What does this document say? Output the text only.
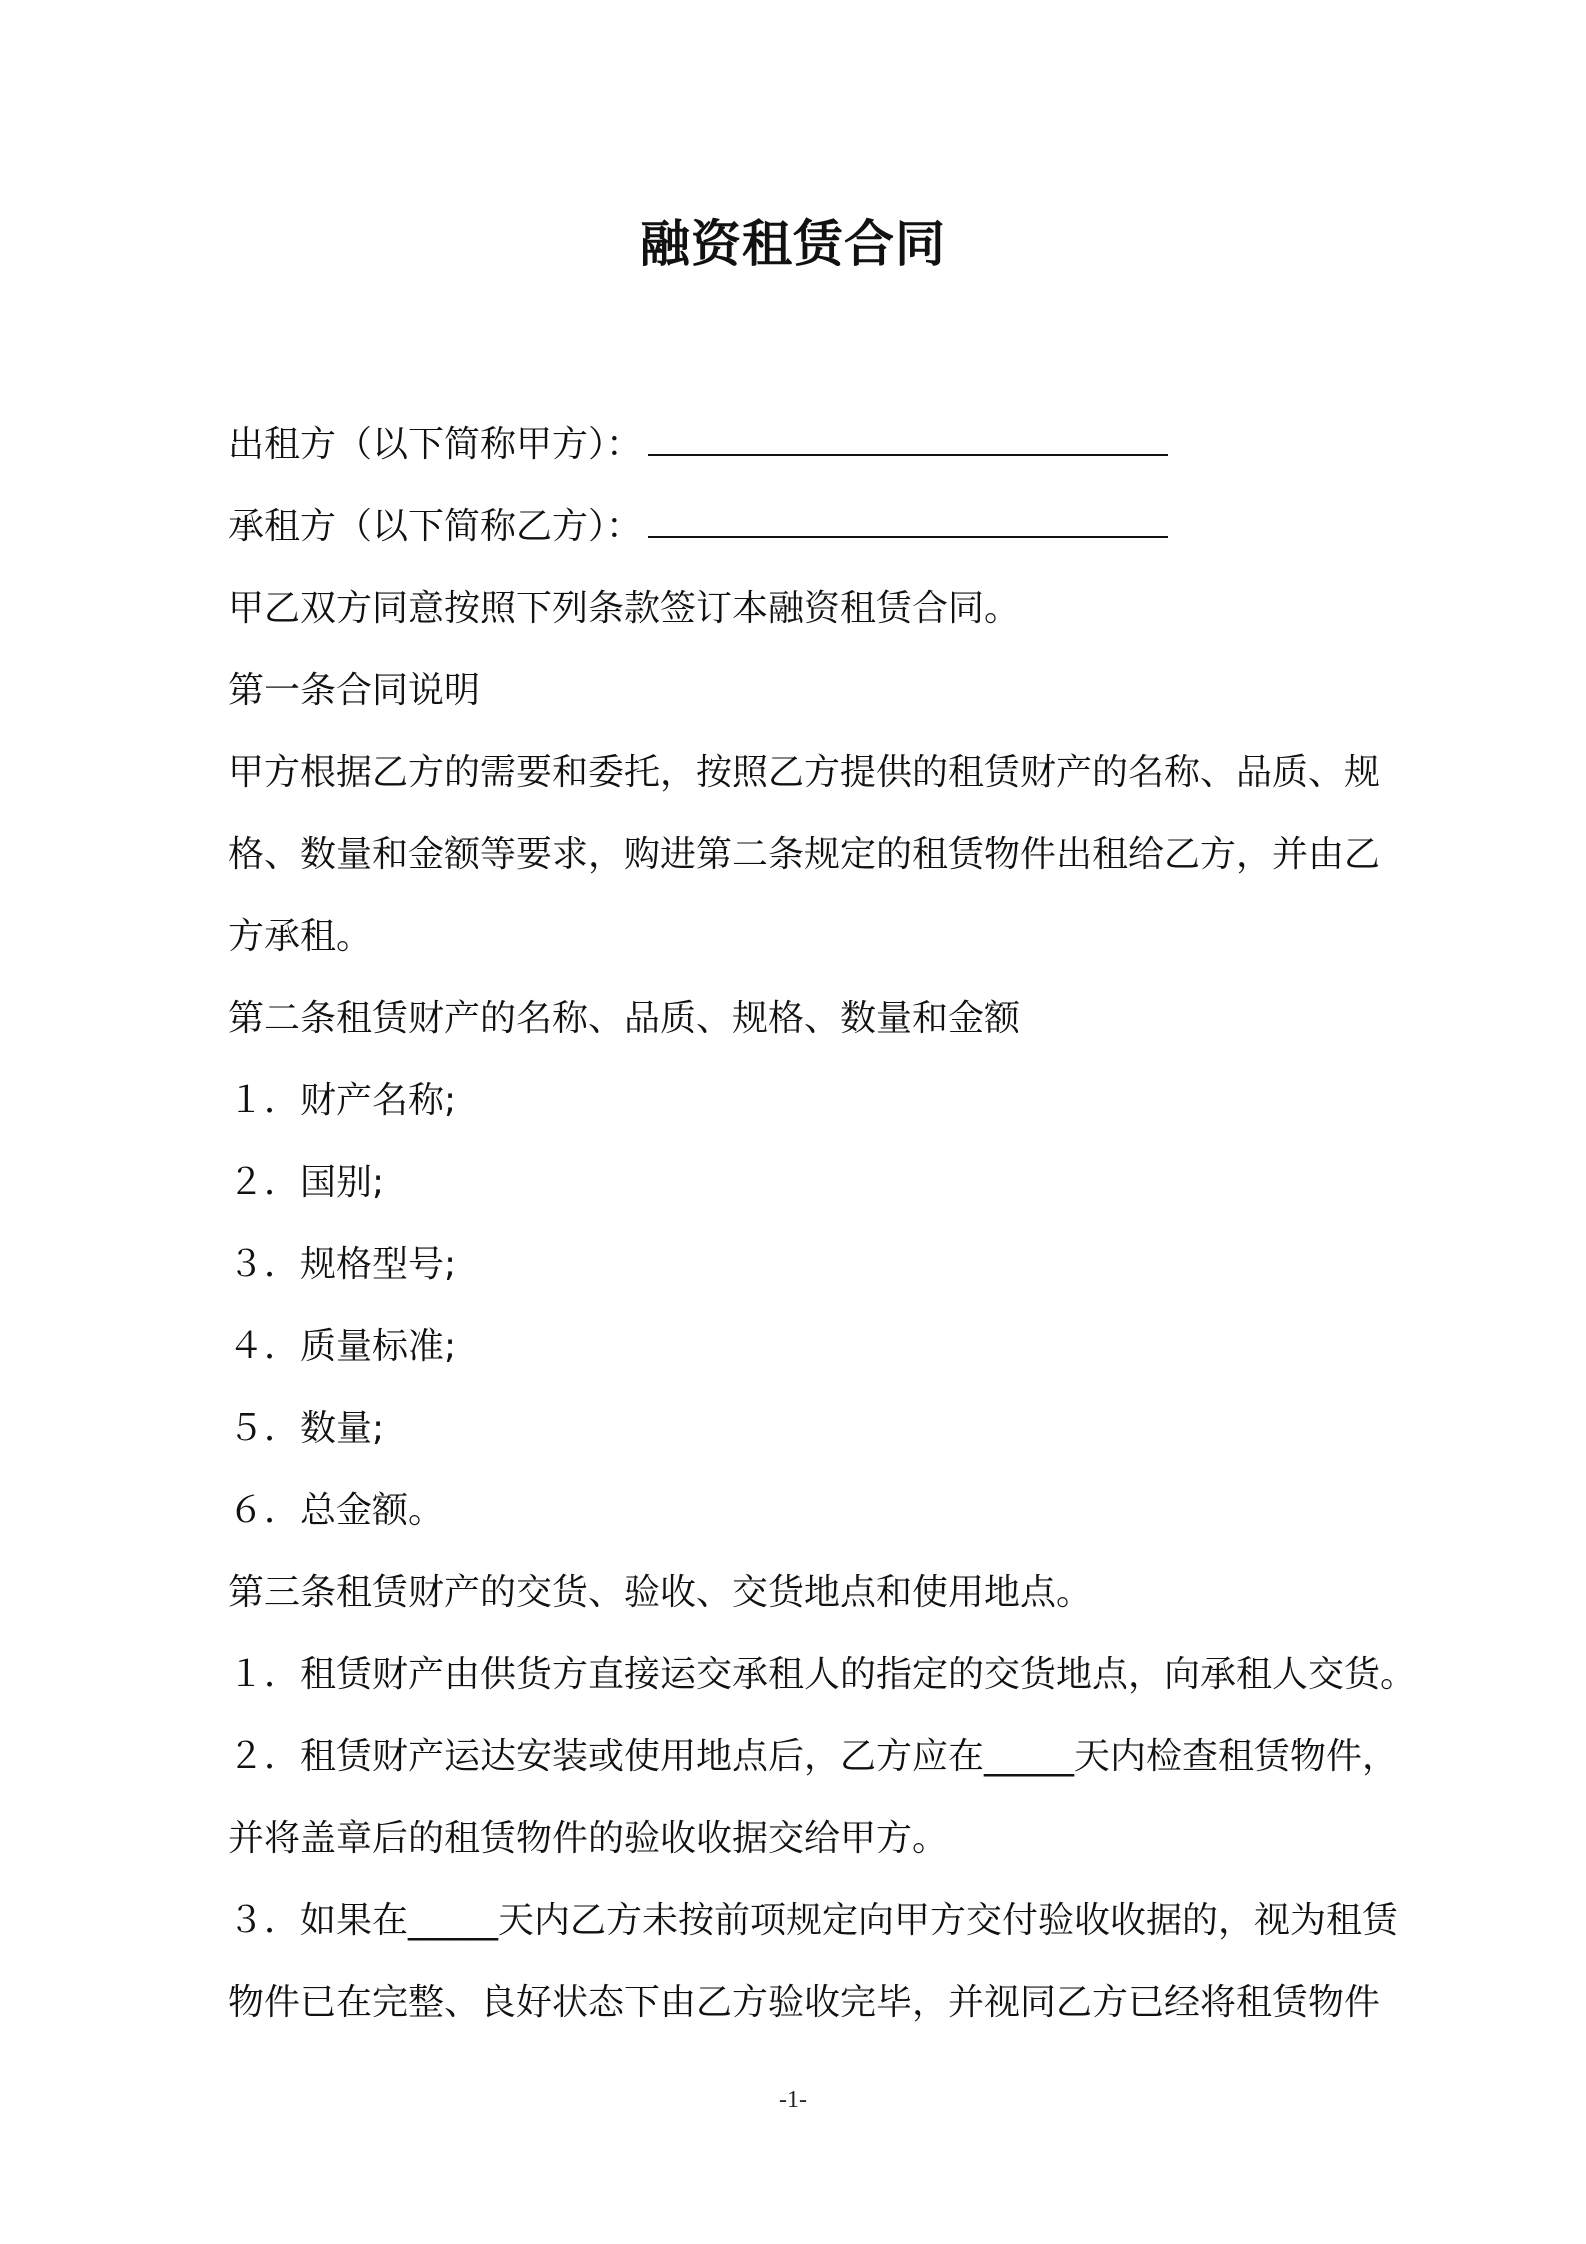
融资租赁合同
出租方（以下简称甲方）：
承租方（以下简称乙方）：
甲乙双方同意按照下列条款签订本融资租赁合同。
第一条合同说明
甲方根据乙方的需要和委托，按照乙方提供的租赁财产的名称、品质、规
格、数量和金额等要求，购进第二条规定的租赁物件出租给乙方，并由乙
方承租。
第二条租赁财产的名称、品质、规格、数量和金额
１．财产名称;
２．国别;
３．规格型号;
４．质量标准;
５．数量;
６．总金额。
第三条租赁财产的交货、验收、交货地点和使用地点。
１．租赁财产由供货方直接运交承租人的指定的交货地点，向承租人交货。
２．租赁财产运达安装或使用地点后，乙方应在_____天内检查租赁物件，
并将盖章后的租赁物件的验收收据交给甲方。
３．如果在_____天内乙方未按前项规定向甲方交付验收收据的，视为租赁
物件已在完整、良好状态下由乙方验收完毕，并视同乙方已经将租赁物件
-1-
